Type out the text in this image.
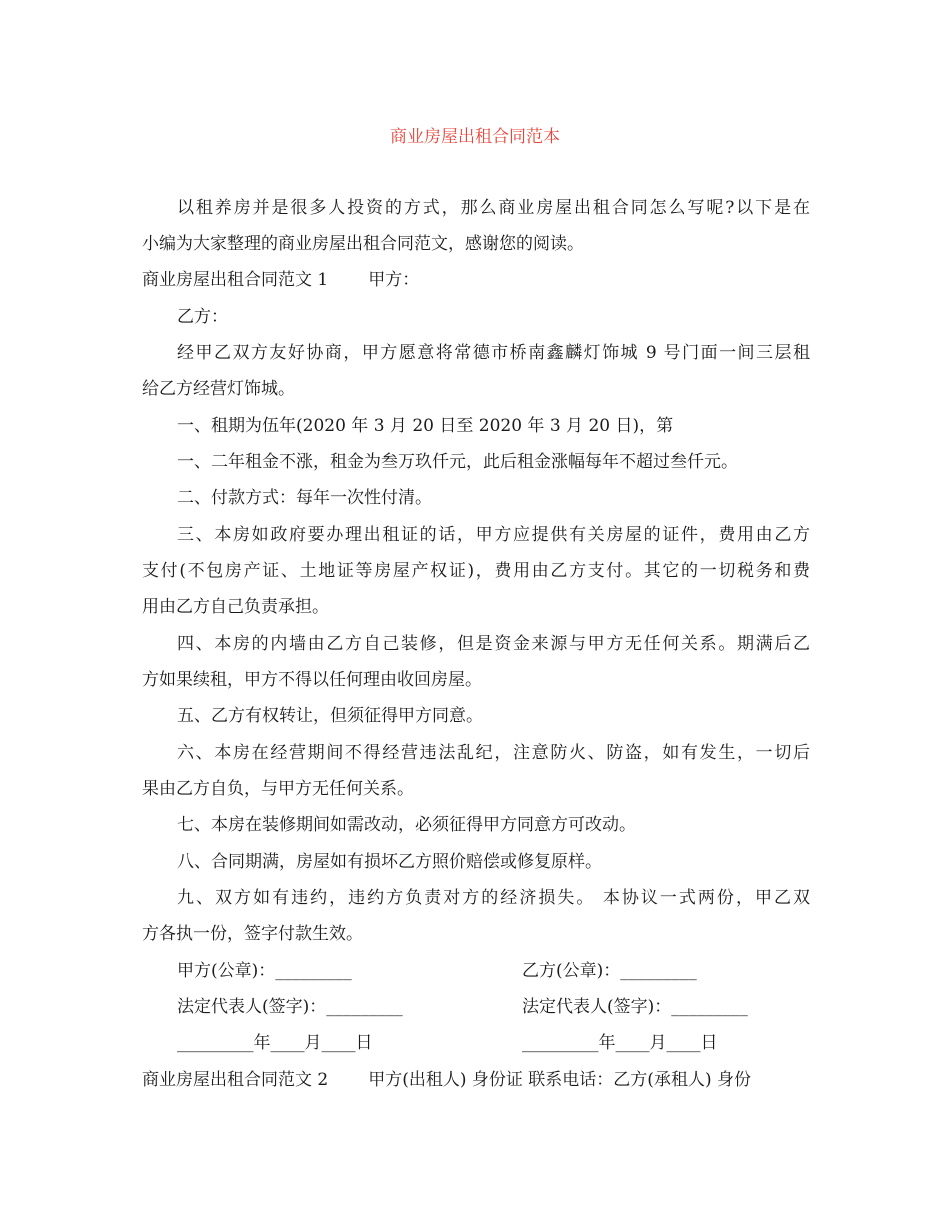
商业房屋出租合同范本
以租养房并是很多人投资的方式，那么商业房屋出租合同怎么写呢?以下是在
小编为大家整理的商业房屋出租合同范文，感谢您的阅读。
商业房屋出租合同范文 1 甲方：
乙方：
经甲乙双方友好协商，甲方愿意将常德市桥南鑫麟灯饰城 9 号门面一间三层租
给乙方经营灯饰城。
一、租期为伍年(2020 年 3 月 20 日至 2020 年 3 月 20 日)，第
一、二年租金不涨，租金为叁万玖仟元，此后租金涨幅每年不超过叁仟元。
二、付款方式：每年一次性付清。
三、本房如政府要办理出租证的话，甲方应提供有关房屋的证件，费用由乙方
支付(不包房产证、土地证等房屋产权证)，费用由乙方支付。其它的一切税务和费
用由乙方自己负责承担。
四、本房的内墙由乙方自己装修，但是资金来源与甲方无任何关系。期满后乙
方如果续租，甲方不得以任何理由收回房屋。
五、乙方有权转让，但须征得甲方同意。
六、本房在经营期间不得经营违法乱纪，注意防火、防盗，如有发生，一切后
果由乙方自负，与甲方无任何关系。
七、本房在装修期间如需改动，必须征得甲方同意方可改动。
八、合同期满，房屋如有损坏乙方照价赔偿或修复原样。
九、双方如有违约，违约方负责对方的经济损失。 本协议一式两份，甲乙双
方各执一份，签字付款生效。
甲方(公章)：_________	乙方(公章)：_________
法定代表人(签字)：_________	法定代表人(签字)：_________
_________年____月____日	_________年____月____日
商业房屋出租合同范文 2 甲方(出租人) 身份证 联系电话：乙方(承租人) 身份
